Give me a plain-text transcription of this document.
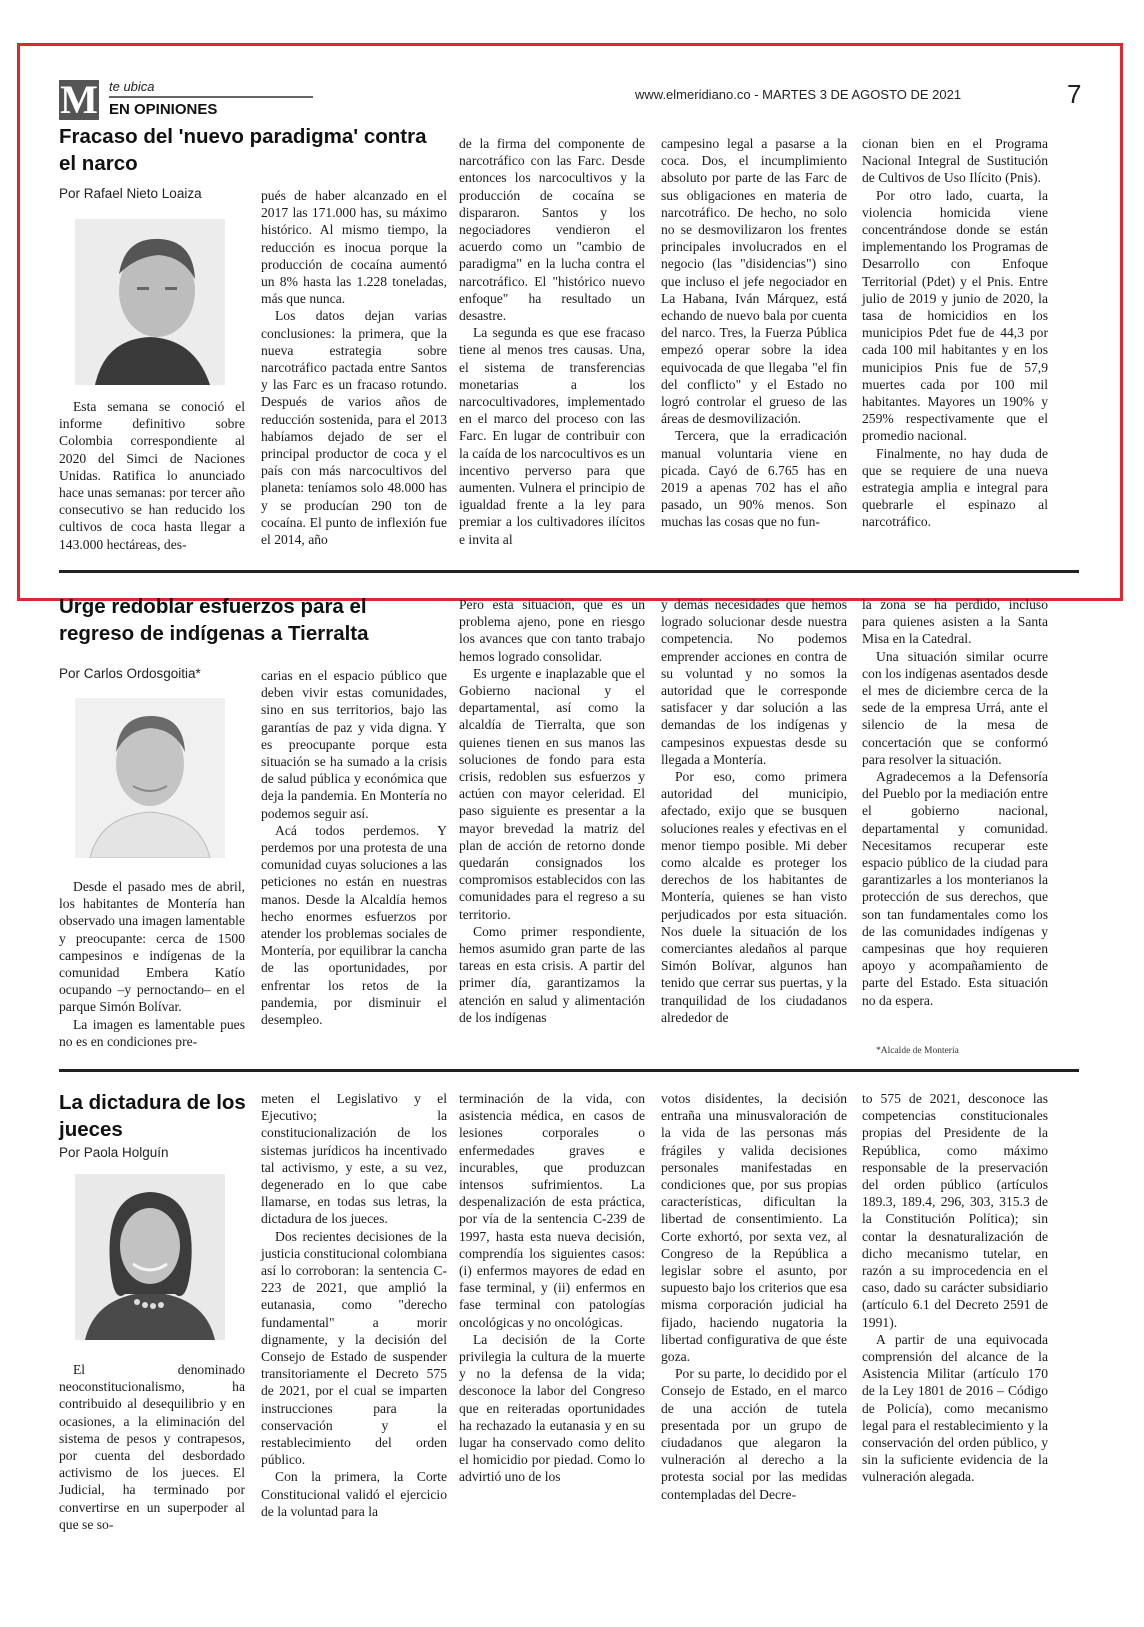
M te ubica
EN OPINIONES
www.elmeridiano.co - MARTES 3 DE AGOSTO DE 2021	7
Fracaso del 'nuevo paradigma' contra el narco
Por Rafael Nieto Loaiza

Esta semana se conoció el informe definitivo sobre Colombia correspondiente al 2020 del Simci de Naciones Unidas. Ratifica lo anunciado hace unas semanas: por tercer año consecutivo se han reducido los cultivos de coca hasta llegar a 143.000 hectáreas, des-

pués de haber alcanzado en el 2017 las 171.000 has, su máximo histórico. Al mismo tiempo, la reducción es inocua porque la producción de cocaína aumentó un 8% hasta las 1.228 toneladas, más que nunca.

Los datos dejan varias conclusiones: la primera, que la nueva estrategia sobre narcotráfico pactada entre Santos y las Farc es un fracaso rotundo. Después de varios años de reducción sostenida, para el 2013 habíamos dejado de ser el principal productor de coca y el país con más narcocultivos del planeta: teníamos solo 48.000 has y se producían 290 ton de cocaína. El punto de inflexión fue el 2014, año

de la firma del componente de narcotráfico con las Farc. Desde entonces los narcocultivos y la producción de cocaína se dispararon. Santos y los negociadores vendieron el acuerdo como un "cambio de paradigma" en la lucha contra el narcotráfico. El "histórico nuevo enfoque" ha resultado un desastre.

La segunda es que ese fracaso tiene al menos tres causas. Una, el sistema de transferencias monetarias a los narcocultivadores, implementado en el marco del proceso con las Farc. En lugar de contribuir con la caída de los narcocultivos es un incentivo perverso para que aumenten. Vulnera el principio de igualdad frente a la ley para premiar a los cultivadores ilícitos e invita al

campesino legal a pasarse a la coca. Dos, el incumplimiento absoluto por parte de las Farc de sus obligaciones en materia de narcotráfico. De hecho, no solo no se desmovilizaron los frentes principales involucrados en el negocio (las "disidencias") sino que incluso el jefe negociador en La Habana, Iván Márquez, está echando de nuevo bala por cuenta del narco. Tres, la Fuerza Pública empezó operar sobre la idea equivocada de que llegaba "el fin del conflicto" y el Estado no logró controlar el grueso de las áreas de desmovilización.

Tercera, que la erradicación manual voluntaria viene en picada. Cayó de 6.765 has en 2019 a apenas 702 has el año pasado, un 90% menos. Son muchas las cosas que no fun-

cionan bien en el Programa Nacional Integral de Sustitución de Cultivos de Uso Ilícito (Pnis).

Por otro lado, cuarta, la violencia homicida viene concentrándose donde se están implementando los Programas de Desarrollo con Enfoque Territorial (Pdet) y el Pnis. Entre julio de 2019 y junio de 2020, la tasa de homicidios en los municipios Pdet fue de 44,3 por cada 100 mil habitantes y en los municipios Pnis fue de 57,9 muertes cada por 100 mil habitantes. Mayores un 190% y 259% respectivamente que el promedio nacional.

Finalmente, no hay duda de que se requiere de una nueva estrategia amplia e integral para quebrarle el espinazo al narcotráfico.

Urge redoblar esfuerzos para el regreso de indígenas a Tierralta
Por Carlos Ordosgoitia*

Desde el pasado mes de abril, los habitantes de Montería han observado una imagen lamentable y preocupante: cerca de 1500 campesinos e indígenas de la comunidad Embera Katío ocupando –y pernoctando– en el parque Simón Bolívar.

La imagen es lamentable pues no es en condiciones pre-

carias en el espacio público que deben vivir estas comunidades, sino en sus territorios, bajo las garantías de paz y vida digna. Y es preocupante porque esta situación se ha sumado a la crisis de salud pública y económica que deja la pandemia. En Montería no podemos seguir así.

Acá todos perdemos. Y perdemos por una protesta de una comunidad cuyas soluciones a las peticiones no están en nuestras manos. Desde la Alcaldía hemos hecho enormes esfuerzos por atender los problemas sociales de Montería, por equilibrar la cancha de las oportunidades, por enfrentar los retos de la pandemia, por disminuir el desempleo.

Pero esta situación, que es un problema ajeno, pone en riesgo los avances que con tanto trabajo hemos logrado consolidar.

Es urgente e inaplazable que el Gobierno nacional y el departamental, así como la alcaldía de Tierralta, que son quienes tienen en sus manos las soluciones de fondo para esta crisis, redoblen sus esfuerzos y actúen con mayor celeridad. El paso siguiente es presentar a la mayor brevedad la matriz del plan de acción de retorno donde quedarán consignados los compromisos establecidos con las comunidades para el regreso a su territorio.

Como primer respondiente, hemos asumido gran parte de las tareas en esta crisis. A partir del primer día, garantizamos la atención en salud y alimentación de los indígenas

y demás necesidades que hemos logrado solucionar desde nuestra competencia. No podemos emprender acciones en contra de su voluntad y no somos la autoridad que le corresponde satisfacer y dar solución a las demandas de los indígenas y campesinos expuestas desde su llegada a Montería.

Por eso, como primera autoridad del municipio, afectado, exijo que se busquen soluciones reales y efectivas en el menor tiempo posible. Mi deber como alcalde es proteger los derechos de los habitantes de Montería, quienes se han visto perjudicados por esta situación. Nos duele la situación de los comerciantes aledaños al parque Simón Bolívar, algunos han tenido que cerrar sus puertas, y la tranquilidad de los ciudadanos alrededor de

la zona se ha perdido, incluso para quienes asisten a la Santa Misa en la Catedral.

Una situación similar ocurre con los indígenas asentados desde el mes de diciembre cerca de la sede de la empresa Urrá, ante el silencio de la mesa de concertación que se conformó para resolver la situación.

Agradecemos a la Defensoría del Pueblo por la mediación entre el gobierno nacional, departamental y comunidad. Necesitamos recuperar este espacio público de la ciudad para garantizarles a los monterianos la protección de sus derechos, que son tan fundamentales como los de las comunidades indígenas y campesinas que hoy requieren apoyo y acompañamiento de parte del Estado. Esta situación no da espera.

*Alcalde de Montería
La dictadura de los jueces
Por Paola Holguín

El denominado neoconstitucionalismo, ha contribuido al desequilibrio y en ocasiones, a la eliminación del sistema de pesos y contrapesos, por cuenta del desbordado activismo de los jueces. El Judicial, ha terminado por convertirse en un superpoder al que se so-

meten el Legislativo y el Ejecutivo; la constitucionalización de los sistemas jurídicos ha incentivado tal activismo, y este, a su vez, degenerado en lo que cabe llamarse, en todas sus letras, la dictadura de los jueces.

Dos recientes decisiones de la justicia constitucional colombiana así lo corroboran: la sentencia C-223 de 2021, que amplió la eutanasia, como "derecho fundamental" a morir dignamente, y la decisión del Consejo de Estado de suspender transitoriamente el Decreto 575 de 2021, por el cual se imparten instrucciones para la conservación y el restablecimiento del orden público.

Con la primera, la Corte Constitucional validó el ejercicio de la voluntad para la

terminación de la vida, con asistencia médica, en casos de lesiones corporales o enfermedades graves e incurables, que produzcan intensos sufrimientos. La despenalización de esta práctica, por vía de la sentencia C-239 de 1997, hasta esta nueva decisión, comprendía los siguientes casos: (i) enfermos mayores de edad en fase terminal, y (ii) enfermos en fase terminal con patologías oncológicas y no oncológicas.

La decisión de la Corte privilegia la cultura de la muerte y no la defensa de la vida; desconoce la labor del Congreso que en reiteradas oportunidades ha rechazado la eutanasia y en su lugar ha conservado como delito el homicidio por piedad. Como lo advirtió uno de los

votos disidentes, la decisión entraña una minusvaloración de la vida de las personas más frágiles y valida decisiones personales manifestadas en condiciones que, por sus propias características, dificultan la libertad de consentimiento. La Corte exhortó, por sexta vez, al Congreso de la República a legislar sobre el asunto, por supuesto bajo los criterios que esa misma corporación judicial ha fijado, haciendo nugatoria la libertad configurativa de que éste goza.

Por su parte, lo decidido por el Consejo de Estado, en el marco de una acción de tutela presentada por un grupo de ciudadanos que alegaron la vulneración al derecho a la protesta social por las medidas contempladas del Decre-

to 575 de 2021, desconoce las competencias constitucionales propias del Presidente de la República, como máximo responsable de la preservación del orden público (artículos 189.3, 189.4, 296, 303, 315.3 de la Constitución Política); sin contar la desnaturalización de dicho mecanismo tutelar, en razón a su improcedencia en el caso, dado su carácter subsidiario (artículo 6.1 del Decreto 2591 de 1991).

A partir de una equivocada comprensión del alcance de la Asistencia Militar (artículo 170 de la Ley 1801 de 2016 – Código de Policía), como mecanismo legal para el restablecimiento y la conservación del orden público, y sin la suficiente evidencia de la vulneración alegada.
